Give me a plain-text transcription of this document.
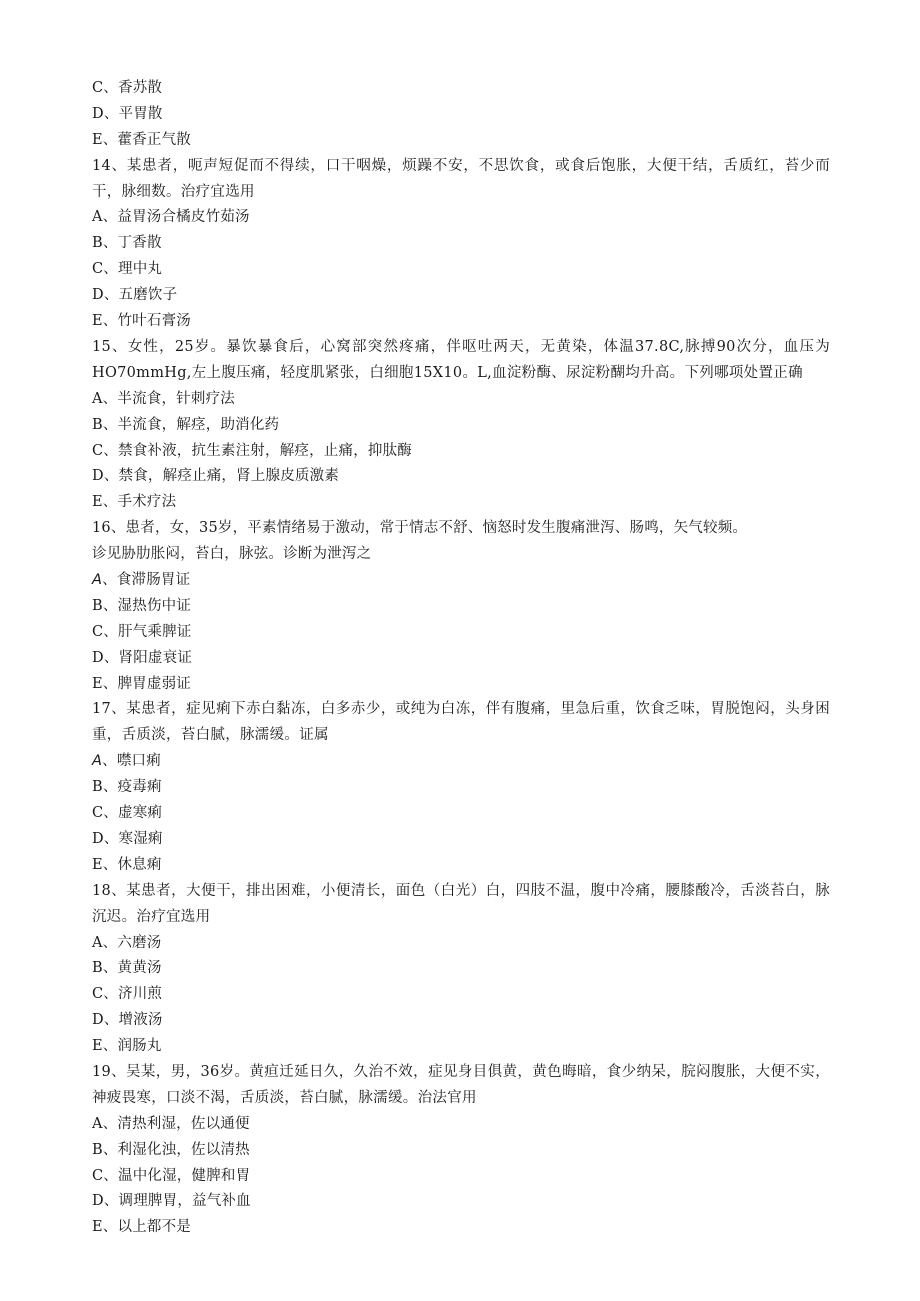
C、香苏散
D、平胃散
E、藿香正气散
14、某患者，呃声短促而不得续，口干咽燥，烦躁不安，不思饮食，或食后饱胀，大便干结，舌质红，苔少而干，脉细数。治疗宜选用
A、益胃汤合橘皮竹茹汤
B、丁香散
C、理中丸
D、五磨饮子
E、竹叶石膏汤
15、女性，25岁。暴饮暴食后，心窝部突然疼痛，伴呕吐两天，无黄染，体温37.8C,脉搏90次分，血压为HO70mmHg,左上腹压痛，轻度肌紧张，白细胞15X10。L,血淀粉酶、尿淀粉醐均升高。下列哪项处置正确
A、半流食，针刺疗法
B、半流食，解痉，助消化药
C、禁食补液，抗生素注射，解痉，止痛，抑肽酶
D、禁食，解痉止痛，肾上腺皮质激素
E、手术疗法
16、患者，女，35岁，平素情绪易于激动，常于情志不舒、恼怒时发生腹痛泄泻、肠鸣，矢气较频。
诊见胁肋胀闷，苔白，脉弦。诊断为泄泻之
A、食滞肠胃证
B、湿热伤中证
C、肝气乘脾证
D、肾阳虚衰证
E、脾胃虚弱证
17、某患者，症见痢下赤白黏冻，白多赤少，或纯为白冻，伴有腹痛，里急后重，饮食乏味，胃脱饱闷，头身困重，舌质淡，苔白腻，脉濡缓。证属
A、噤口痢
B、疫毒痢
C、虚寒痢
D、寒湿痢
E、休息痢
18、某患者，大便干，排出困难，小便清长，面色（白光）白，四肢不温，腹中冷痛，腰膝酸冷，舌淡苔白，脉沉迟。治疗宜选用
A、六磨汤
B、黄黄汤
C、济川煎
D、增液汤
E、润肠丸
19、吴某，男，36岁。黄疸迁延日久，久治不效，症见身目俱黄，黄色晦暗，食少纳呆，脘闷腹胀，大便不实，神疲畏寒，口淡不渴，舌质淡，苔白腻，脉濡缓。治法官用
A、清热利湿，佐以通便
B、利湿化浊，佐以清热
C、温中化湿，健脾和胃
D、调理脾胃，益气补血
E、以上都不是
